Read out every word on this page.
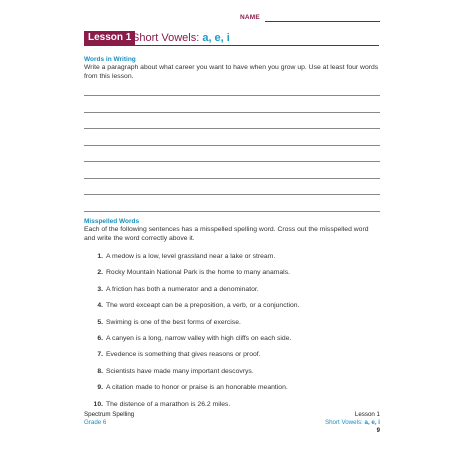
NAME
Lesson 1 Short Vowels: a, e, i
Words in Writing
Write a paragraph about what career you want to have when you grow up. Use at least four words from this lesson.
Misspelled Words
Each of the following sentences has a misspelled spelling word. Cross out the misspelled word and write the word correctly above it.
1. A medow is a low, level grassland near a lake or stream.
2. Rocky Mountain National Park is the home to many anamals.
3. A friction has both a numerator and a denominator.
4. The word exceapt can be a preposition, a verb, or a conjunction.
5. Swiming is one of the best forms of exercise.
6. A canyen is a long, narrow valley with high cliffs on each side.
7. Evedence is something that gives reasons or proof.
8. Scientists have made many important descovrys.
9. A citation made to honor or praise is an honorable meantion.
10. The distence of a marathon is 26.2 miles.
Spectrum Spelling
Grade 6
Lesson 1
Short Vowels: a, e, i
9
